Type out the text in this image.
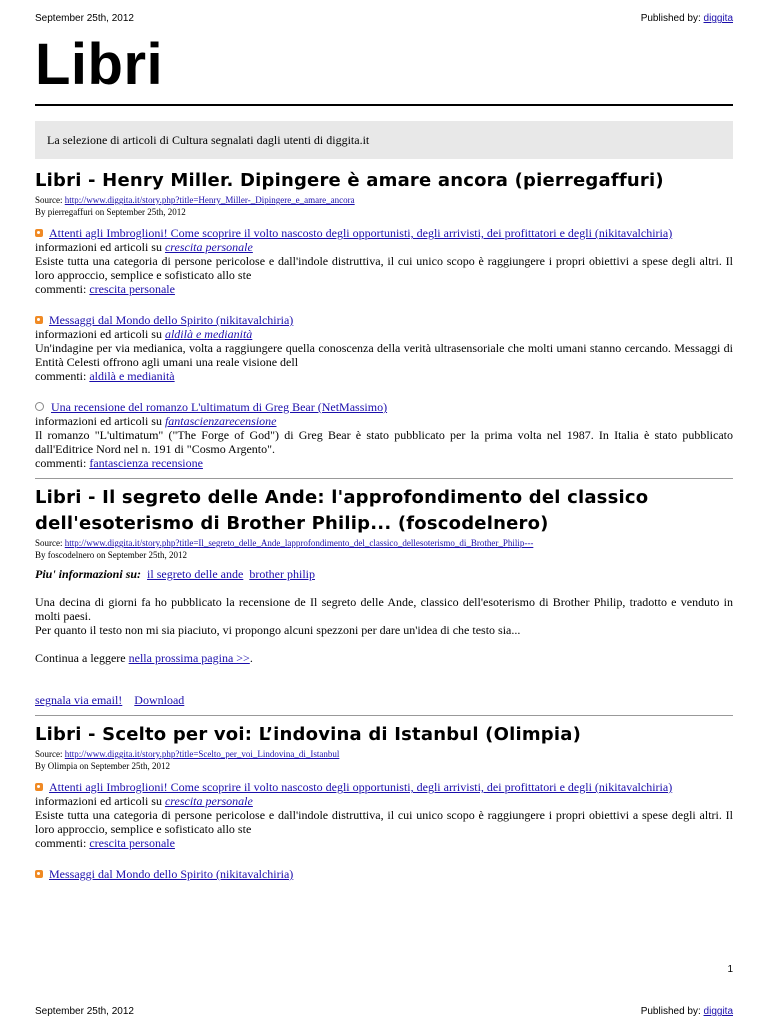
September 25th, 2012	Published by: diggita
Libri
La selezione di articoli di Cultura segnalati dagli utenti di diggita.it
Libri - Henry Miller. Dipingere è amare ancora (pierregaffuri)
Source: http://www.diggita.it/story.php?title=Henry_Miller-_Dipingere_e_amare_ancora
By pierregaffuri on September 25th, 2012
Attenti agli Imbroglioni! Come scoprire il volto nascosto degli opportunisti, degli arrivisti, dei profittatori e degli (nikitavalchiria)
informazioni ed articoli su crescita personale
Esiste tutta una categoria di persone pericolose e dall'indole distruttiva, il cui unico scopo è raggiungere i propri obiettivi a spese degli altri. Il loro approccio, semplice e sofisticato allo ste
commenti: crescita personale
Messaggi dal Mondo dello Spirito (nikitavalchiria)
informazioni ed articoli su aldilà e medianità
Un'indagine per via medianica, volta a raggiungere quella conoscenza della verità ultrasensoriale che molti umani stanno cercando. Messaggi di Entità Celesti offrono agli umani una reale visione dell
commenti: aldilà e medianità
Una recensione del romanzo L'ultimatum di Greg Bear (NetMassimo)
informazioni ed articoli su fantascienzarecensione
Il romanzo "L'ultimatum" ("The Forge of God") di Greg Bear è stato pubblicato per la prima volta nel 1987. In Italia è stato pubblicato dall'Editrice Nord nel n. 191 di "Cosmo Argento".
commenti: fantascienza recensione
Libri - Il segreto delle Ande: l'approfondimento del classico dell'esoterismo di Brother Philip... (foscodelnero)
Source: http://www.diggita.it/story.php?title=Il_segreto_delle_Ande_lapprofondimento_del_classico_dellesoterismo_di_Brother_Philip---
By foscodelnero on September 25th, 2012
Piu' informazioni su: il segreto delle ande brother philip
Una decina di giorni fa ho pubblicato la recensione de Il segreto delle Ande, classico dell'esoterismo di Brother Philip, tradotto e venduto in molti paesi.
Per quanto il testo non mi sia piaciuto, vi propongo alcuni spezzoni per dare un'idea di che testo sia...
Continua a leggere nella prossima pagina >>.
segnala via email! Download
Libri - Scelto per voi: L’indovina di Istanbul (Olimpia)
Source: http://www.diggita.it/story.php?title=Scelto_per_voi_Lindovina_di_Istanbul
By Olimpia on September 25th, 2012
Attenti agli Imbroglioni! Come scoprire il volto nascosto degli opportunisti, degli arrivisti, dei profittatori e degli (nikitavalchiria)
informazioni ed articoli su crescita personale
Esiste tutta una categoria di persone pericolose e dall'indole distruttiva, il cui unico scopo è raggiungere i propri obiettivi a spese degli altri. Il loro approccio, semplice e sofisticato allo ste
commenti: crescita personale
Messaggi dal Mondo dello Spirito (nikitavalchiria)
1
September 25th, 2012	Published by: diggita
